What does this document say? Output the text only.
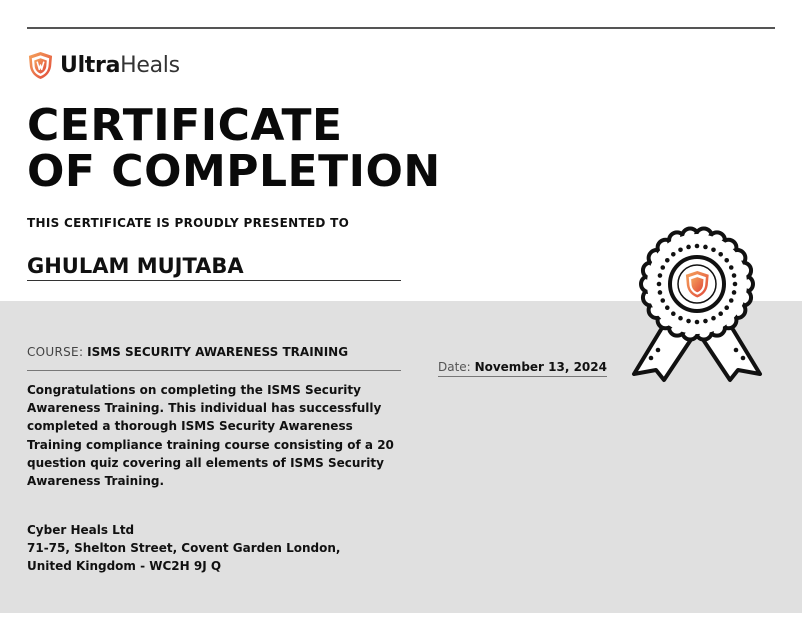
UltraHeals
CERTIFICATE
OF COMPLETION
THIS CERTIFICATE IS PROUDLY PRESENTED TO
GHULAM MUJTABA
COURSE: ISMS SECURITY AWARENESS TRAINING
Date: November 13, 2024
Congratulations on completing the ISMS Security Awareness Training. This individual has successfully completed a thorough ISMS Security Awareness Training compliance training course consisting of a 20 question quiz covering all elements of ISMS Security Awareness Training.
Cyber Heals Ltd
71-75, Shelton Street, Covent Garden London,
United Kingdom - WC2H 9J Q
